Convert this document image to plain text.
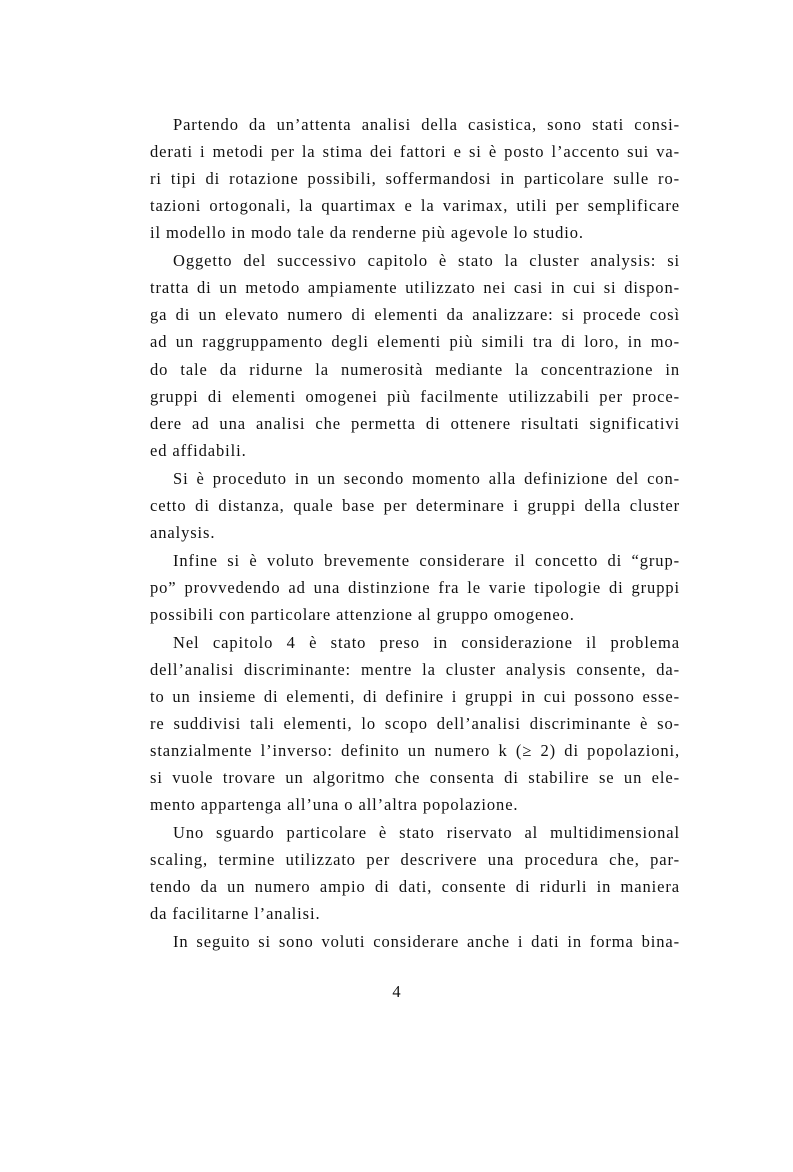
Partendo da un’attenta analisi della casistica, sono stati consi-
derati i metodi per la stima dei fattori e si è posto l’accento sui va-
ri tipi di rotazione possibili, soffermandosi in particolare sulle ro-
tazioni ortogonali, la quartimax e la varimax, utili per semplificare
il modello in modo tale da renderne più agevole lo studio.
Oggetto del successivo capitolo è stato la cluster analysis: si
tratta di un metodo ampiamente utilizzato nei casi in cui si dispon-
ga di un elevato numero di elementi da analizzare: si procede così
ad un raggruppamento degli elementi più simili tra di loro, in mo-
do tale da ridurne la numerosità mediante la concentrazione in
gruppi di elementi omogenei più facilmente utilizzabili per proce-
dere ad una analisi che permetta di ottenere risultati significativi
ed affidabili.
Si è proceduto in un secondo momento alla definizione del con-
cetto di distanza, quale base per determinare i gruppi della cluster
analysis.
Infine si è voluto brevemente considerare il concetto di “grup-
po” provvedendo ad una distinzione fra le varie tipologie di gruppi
possibili con particolare attenzione al gruppo omogeneo.
Nel capitolo 4 è stato preso in considerazione il problema
dell’analisi discriminante: mentre la cluster analysis consente, da-
to un insieme di elementi, di definire i gruppi in cui possono esse-
re suddivisi tali elementi, lo scopo dell’analisi discriminante è so-
stanzialmente l’inverso: definito un numero k (≥ 2) di popolazioni,
si vuole trovare un algoritmo che consenta di stabilire se un ele-
mento appartenga all’una o all’altra popolazione.
Uno sguardo particolare è stato riservato al multidimensional
scaling, termine utilizzato per descrivere una procedura che, par-
tendo da un numero ampio di dati, consente di ridurli in maniera
da facilitarne l’analisi.
In seguito si sono voluti considerare anche i dati in forma bina-
4
